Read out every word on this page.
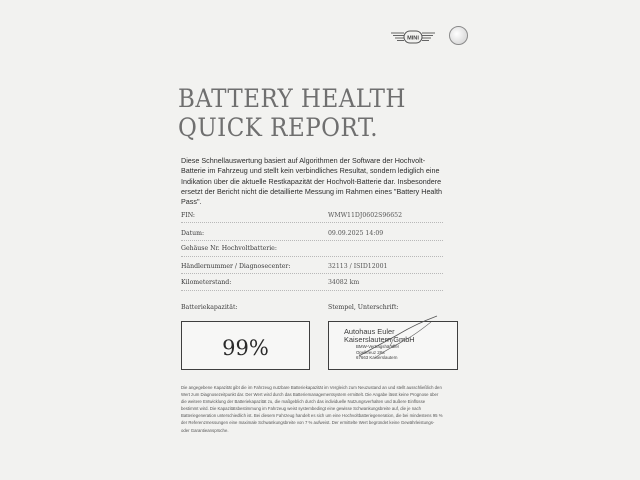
MINI
BATTERY HEALTH
QUICK REPORT.
Diese Schnellauswertung basiert auf Algorithmen der Software der Hochvolt-Batterie im Fahrzeug und stellt kein verbindliches Resultat, sondern lediglich eine Indikation über die aktuelle Restkapazität der Hochvolt-Batterie dar. Insbesondere ersetzt der Bericht nicht die detaillierte Messung im Rahmen eines "Battery Health Pass".
FIN:	WMW11DJ0602S96652
Datum:	09.09.2025 14:09
Gehäuse Nr. Hochvoltbatterie:
Händlernummer / Diagnosecenter:	32113 / ISID12001
Kilometerstand:	34082 km
Batteriekapazität:	Stempel, Unterschrift:
99%
Autohaus Euler
Kaiserslautern GmbH
BMW-Vertragshändler
Opelkreuz 28a
67663 Kaiserslautern
Die angegebene Kapazität gibt die im Fahrzeug nutzbare Batteriekapazität im Vergleich zum Neuzustand an und stellt ausschließlich den Wert zum Diagnosezeitpunkt dar. Der Wert wird durch das Batteriemanagementsystem ermittelt. Die Angabe lässt keine Prognose über die weitere Entwicklung der Batteriekapazität zu, die maßgeblich durch das individuelle Nutzungsverhalten und äußere Einflüsse bestimmt wird. Die Kapazitätsbestimmung im Fahrzeug weist systembedingt eine gewisse Schwankungsbreite auf, die je nach Batteriegeneration unterschiedlich ist. Bei diesem Fahrzeug handelt es sich um eine Hochvoltbatteriegeneration, die bei mindestens 95 % der Referenzmessungen eine maximale Schwankungsbreite von 7 % aufweist. Der ermittelte Wert begründet keine Gewährleistungs- oder Garantieansprüche.
